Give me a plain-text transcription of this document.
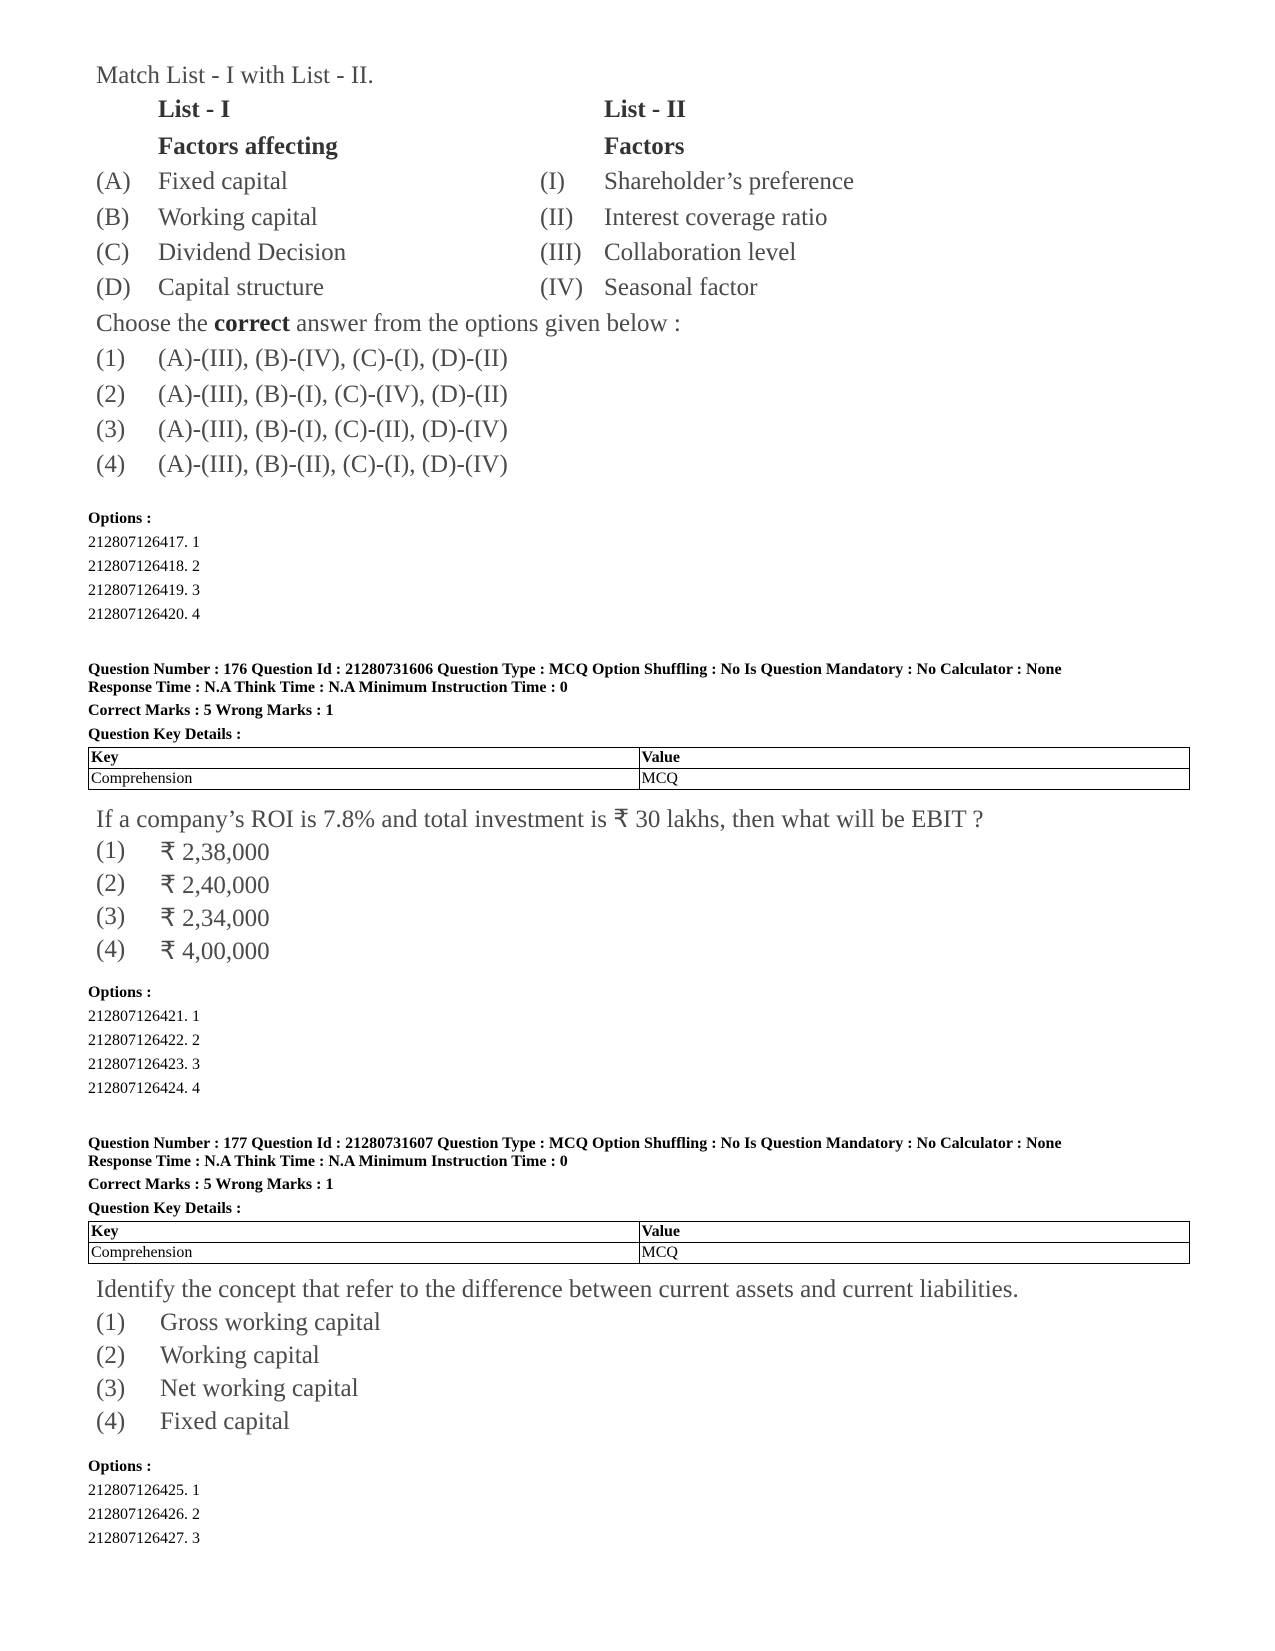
Match List - I with List - II.
List - I	List - II
Factors affecting	Factors
(A) Fixed capital	(I) Shareholder’s preference
(B) Working capital	(II) Interest coverage ratio
(C) Dividend Decision	(III) Collaboration level
(D) Capital structure	(IV) Seasonal factor
Choose the correct answer from the options given below :
(1) (A)-(III), (B)-(IV), (C)-(I), (D)-(II)
(2) (A)-(III), (B)-(I), (C)-(IV), (D)-(II)
(3) (A)-(III), (B)-(I), (C)-(II), (D)-(IV)
(4) (A)-(III), (B)-(II), (C)-(I), (D)-(IV)
Options :
212807126417. 1
212807126418. 2
212807126419. 3
212807126420. 4
Question Number : 176 Question Id : 21280731606 Question Type : MCQ Option Shuffling : No Is Question Mandatory : No Calculator : None
Response Time : N.A Think Time : N.A Minimum Instruction Time : 0
Correct Marks : 5 Wrong Marks : 1
Question Key Details :
Key	Value
Comprehension	MCQ
If a company’s ROI is 7.8% and total investment is ₹ 30 lakhs, then what will be EBIT ?
(1) ₹ 2,38,000
(2) ₹ 2,40,000
(3) ₹ 2,34,000
(4) ₹ 4,00,000
Options :
212807126421. 1
212807126422. 2
212807126423. 3
212807126424. 4
Question Number : 177 Question Id : 21280731607 Question Type : MCQ Option Shuffling : No Is Question Mandatory : No Calculator : None
Response Time : N.A Think Time : N.A Minimum Instruction Time : 0
Correct Marks : 5 Wrong Marks : 1
Question Key Details :
Key	Value
Comprehension	MCQ
Identify the concept that refer to the difference between current assets and current liabilities.
(1) Gross working capital
(2) Working capital
(3) Net working capital
(4) Fixed capital
Options :
212807126425. 1
212807126426. 2
212807126427. 3
